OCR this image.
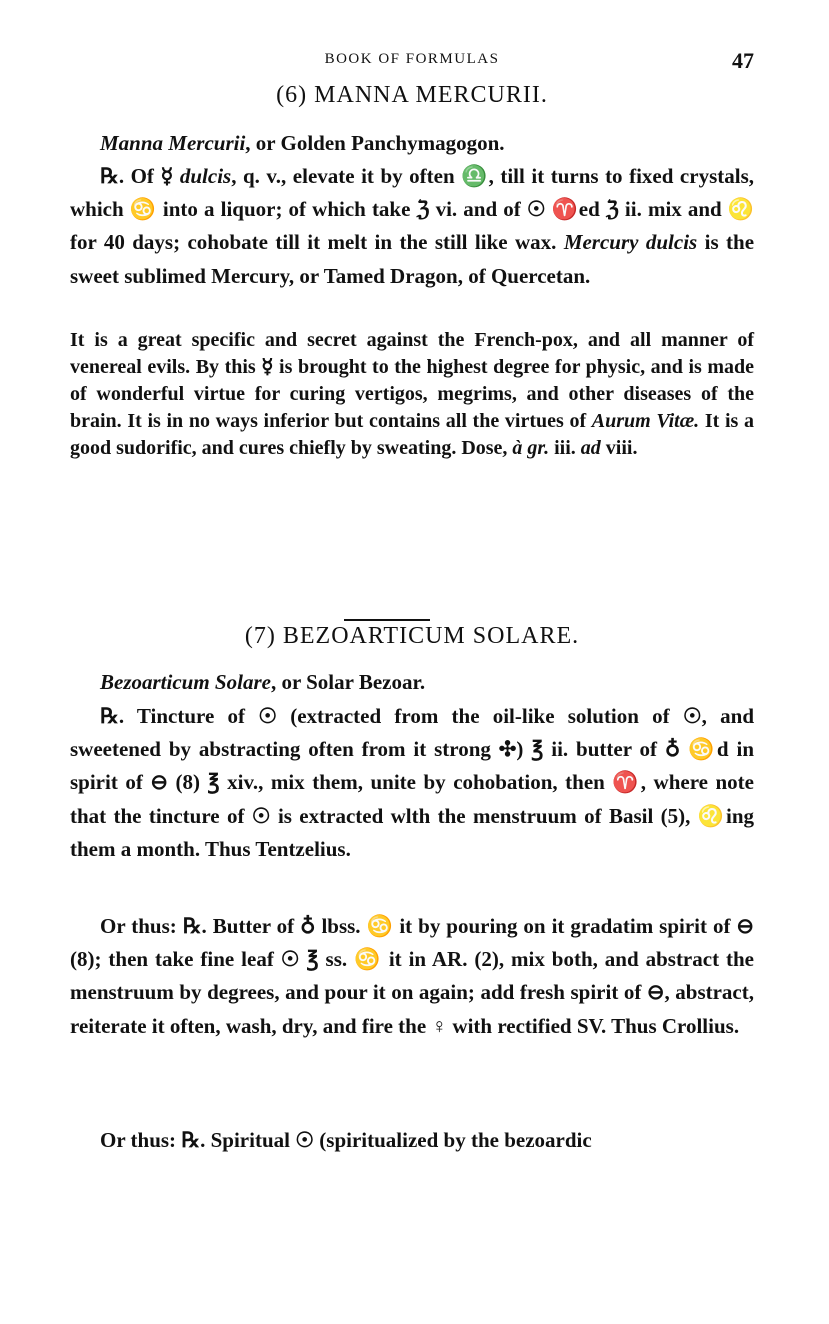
BOOK OF FORMULAS	47
(6) MANNA MERCURII.
Manna Mercurii, or Golden Panchymagogon.
℞. Of ☿ dulcis, q. v., elevate it by often ♎, till it turns to fixed crystals, which ♋ into a liquor; of which take ℨ vi. and of ☉ ♈ed ℨ ii. mix and ♌ for 40 days; cohobate till it melt in the still like wax. Mercury dulcis is the sweet sublimed Mercury, or Tamed Dragon, of Quercetan.
It is a great specific and secret against the French-pox, and all manner of venereal evils. By this ☿ is brought to the highest degree for physic, and is made of wonderful virtue for curing vertigos, megrims, and other diseases of the brain. It is in no ways inferior but contains all the virtues of Aurum Vitæ. It is a good sudorific, and cures chiefly by sweating. Dose, à gr. iii. ad viii.
(7) BEZOARTICUM SOLARE.
Bezoarticum Solare, or Solar Bezoar.
℞. Tincture of ☉ (extracted from the oil-like solution of ☉, and sweetened by abstracting often from it strong ✣) ℥ ii. butter of ♁ ♋d in spirit of ⊖ (8) ℥ xiv., mix them, unite by cohobation, then ♈, where note that the tincture of ☉ is extracted wlth the menstruum of Basil (5), ♌ing them a month. Thus Tentzelius.
Or thus: ℞. Butter of ♁ lbss. ♋ it by pouring on it gradatim spirit of ⊖ (8); then take fine leaf ☉ ℥ ss. ♋ it in AR. (2), mix both, and abstract the menstruum by degrees, and pour it on again; add fresh spirit of ⊖, abstract, reiterate it often, wash, dry, and fire the ♀ with rectified SV. Thus Crollius.
Or thus: ℞. Spiritual ☉ (spiritualized by the bezoardic
